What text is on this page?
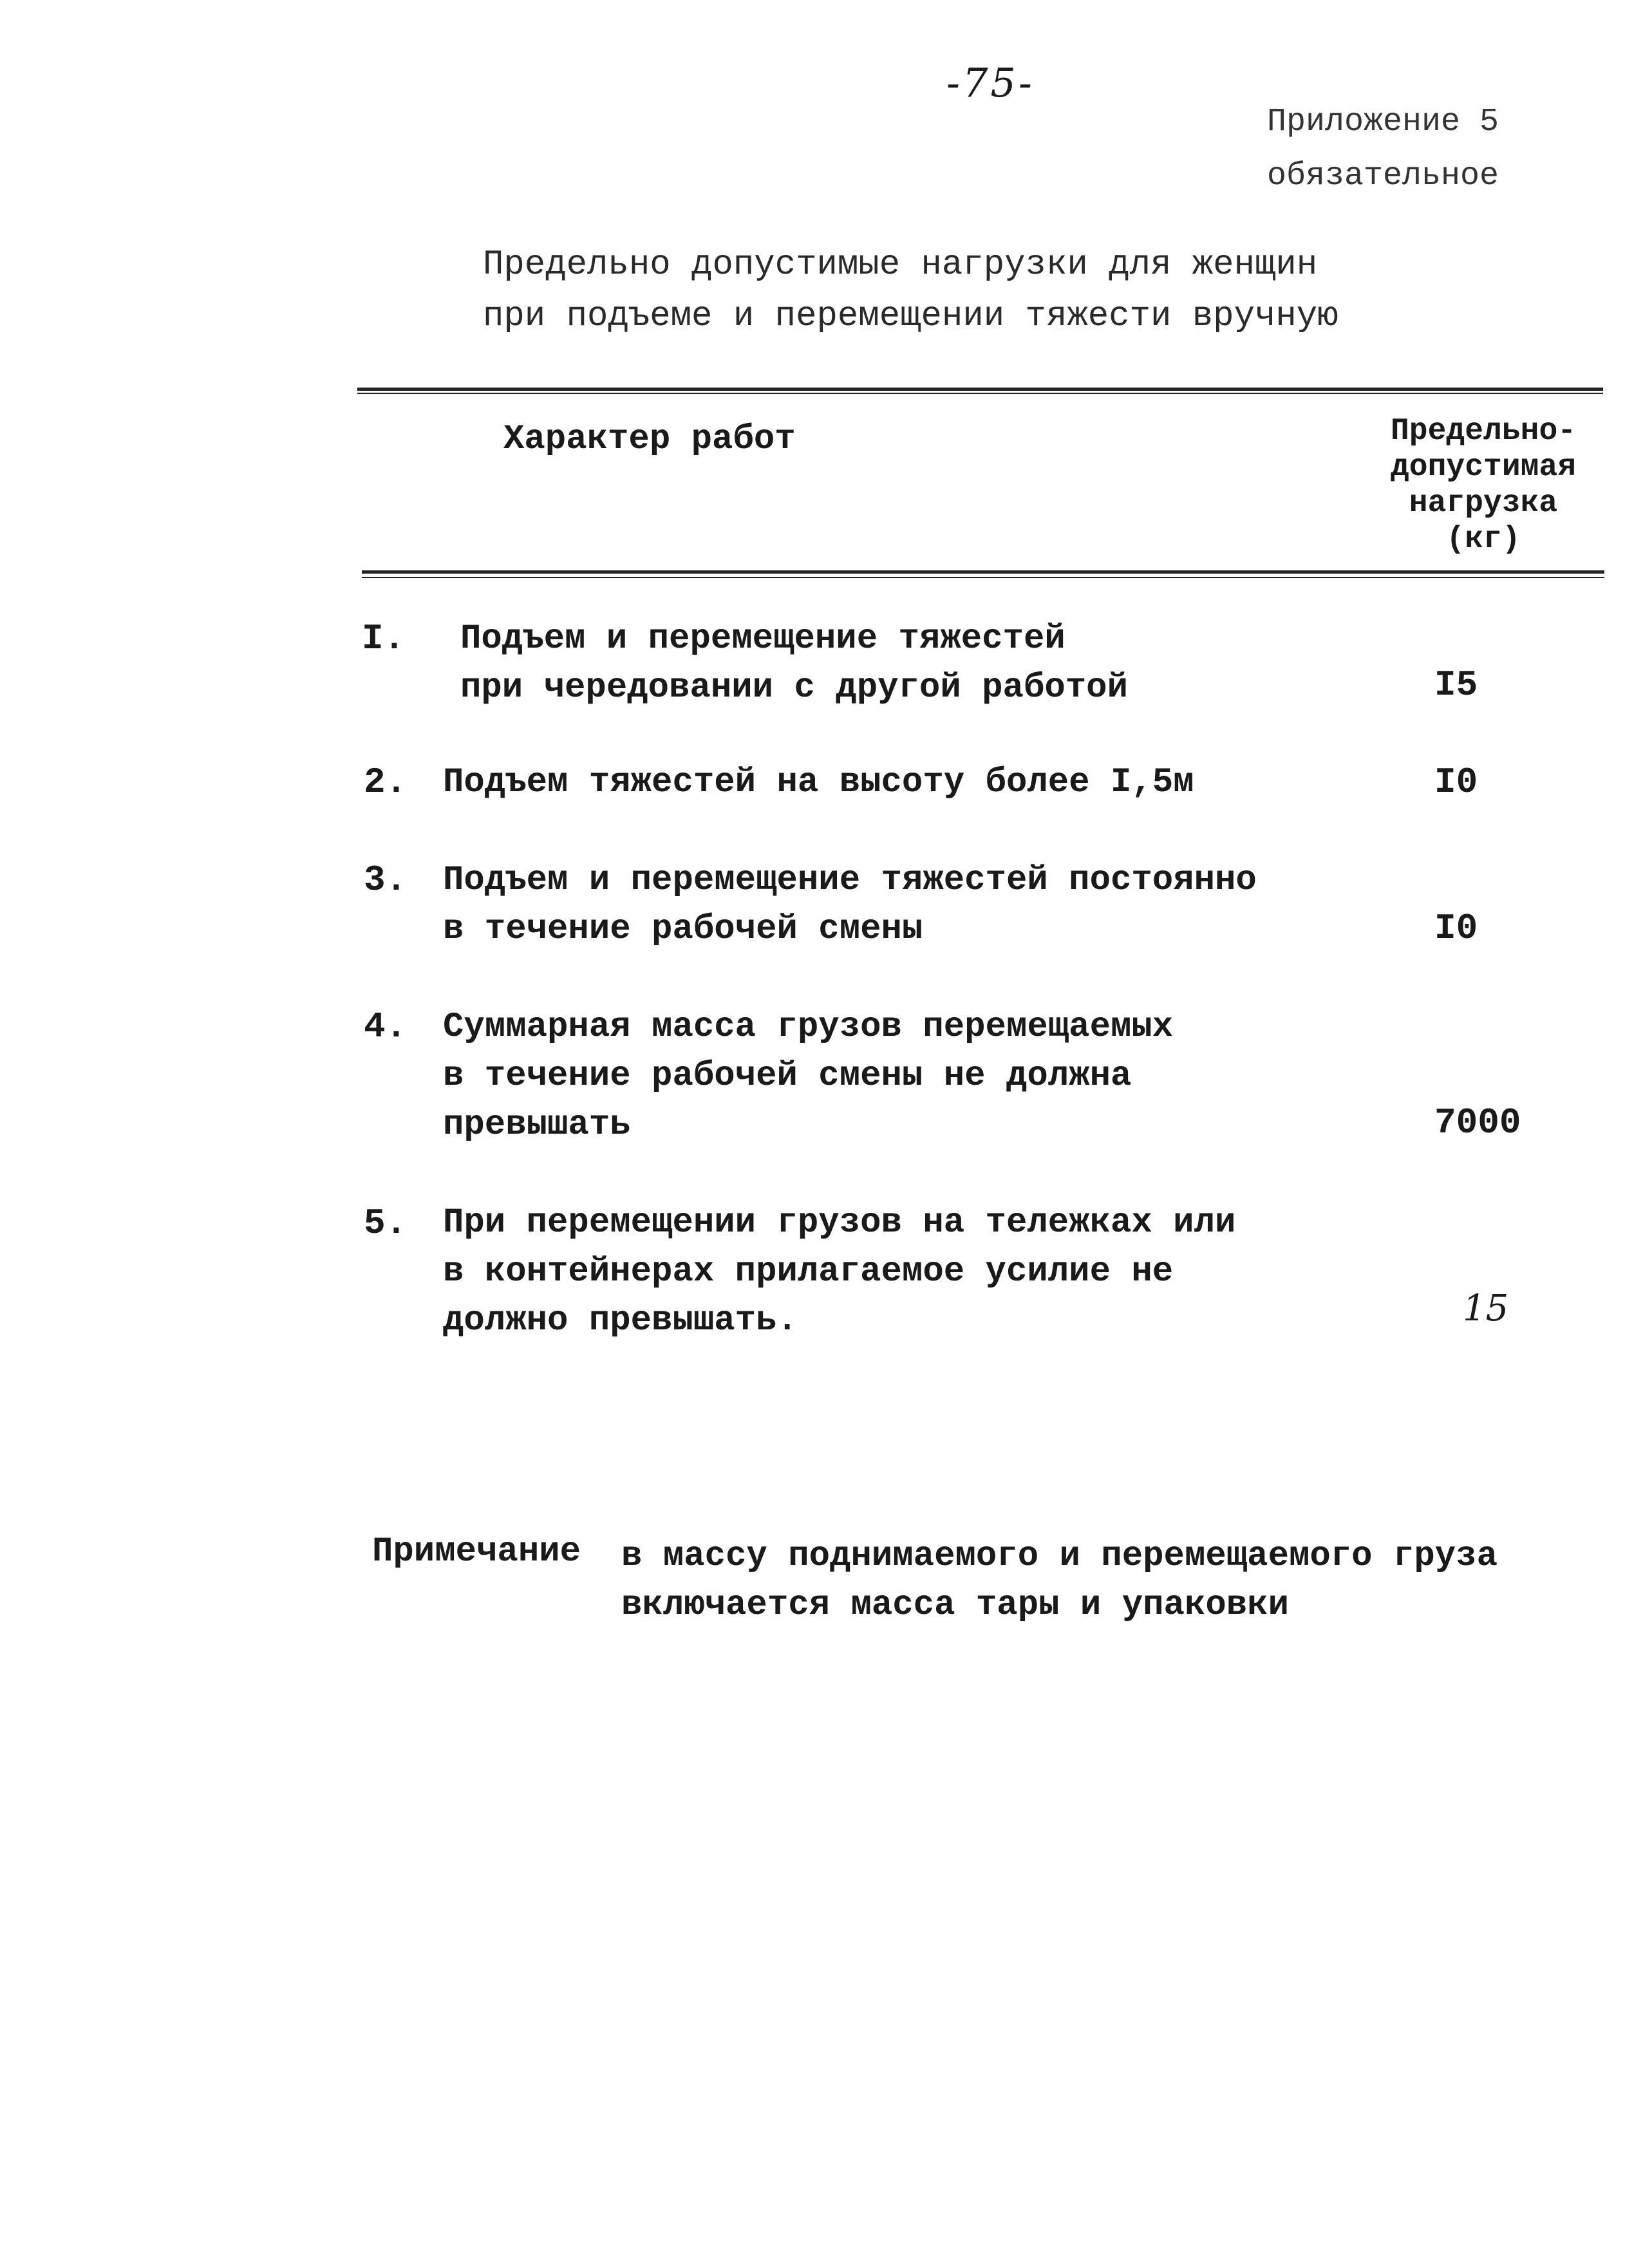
-75-
Приложение 5
обязательное
Предельно допустимые нагрузки для женщин
при подъеме и перемещении тяжести вручную
Характер работ	Предельно-
допустимая
нагрузка
(кг)
I. Подъем и перемещение тяжестей
при чередовании с другой работой	I5
2. Подъем тяжестей на высоту более I,5м	I0
3. Подъем и перемещение тяжестей постоянно
в течение рабочей смены	I0
4. Суммарная масса грузов перемещаемых
в течение рабочей смены не должна
превышать	7000
5. При перемещении грузов на тележках или
в контейнерах прилагаемое усилие не
должно превышать.	15
Примечание в массу поднимаемого и перемещаемого груза
включается масса тары и упаковки
